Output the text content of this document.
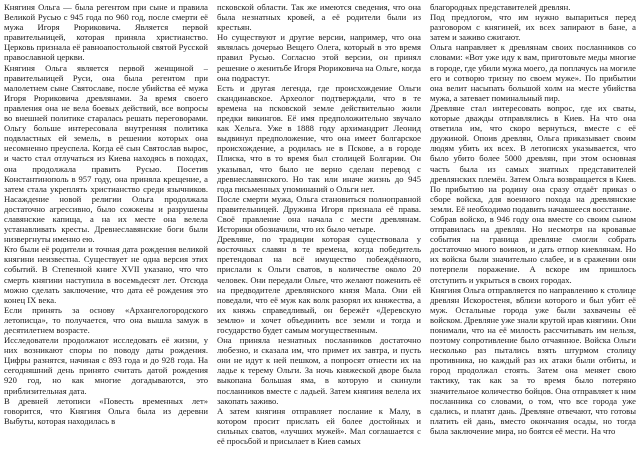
Княгиня Ольга — была регентом при сыне и правила Великой Русью с 945 года по 960 год, после смерти её мужа Игоря Рюриковича. Является первой правительницей, которая приняла христианство. Церковь признала её равноапостольной святой Русской православной церкви.

Княгиня Ольга является первой женщиной – правительницей Руси, она была регентом при малолетнем сыне Святославе, после убийства её мужа Игоря Рюриковича древлянами. За время своего правления она не вела боевых действий, все вопросы во внешней политике старалась решать переговорами. Ольгу больше интересовала внутренняя политика подвластных ей земель, в решении которых она несомненно преуспела. Когда её сын Святослав вырос, и часто стал отлучаться из Киева находясь в походах, она продолжала править Русью. Посетив Константинополь в 957 году, она приняла крещение, а затем стала укреплять христианство среди язычников. Насаждение новой религии Ольга продолжала достаточно агрессивно, было сожжены и разрушены славянские капища, а на их месте она велела устанавливать кресты. Древнеславянские боги были низвергнуты именно ею.

Кто были её родители и точная дата рождения великой княгини неизвестна. Существует не одна версия этих событий. В Степенной книге XVII указано, что что смерть княгини наступила в восемьдесят лет. Отсюда можно сделать заключение, что дата её рождения это конец IX века.

Если принять за основу «Архангелогородского летописца», то получается, что она вышла замуж в десятилетнем возрасте.

Исследователи продолжают исследовать её жизни, у них возникают споры по поводу даты рождения. Цифры разнятся, начиная с 893 года и до 928 года. На сегодняшний день принято считать датой рождения 920 год, но как многие догадываются, это приблизительная дата.

В древней летописи «Повесть временных лет» говорится, что Княгиня Ольга была из деревни Выбуты, которая находилась в

псковской области. Так же имеются сведения, что она была незнатных кровей, а её родители были из крестьян.

Но существуют и другие версии, например, что она являлась дочерью Вещего Олега, который в это время правил Русью. Согласно этой версии, он принял решение о женитьбе Игоря Рюриковича на Ольге, когда она подрастут.

Есть и другая легенда, где происхождение Ольги скандинавское. Археолог подтверждали, что в те времена на псковской земле действительно жили предки викингов. Её имя предположительно звучало как Хельга. Уже в 1888 году архимандрит Леонид выдвинул предположение, что она имеет болгарское происхождение, а родилась не в Пскове, а в городе Плиска, что в то время был столицей Болгарии. Он указывал, что было не верно сделан перевод с древнеславянского. Но так или иначе жизнь до 945 года письменных упоминаний о Ольги нет.

После смерти мужа, Ольга становиться полноправной правительницей. Дружина Игоря признала её права. Своё правление она начала с мести древлянам. Историки обозначили, что их было четыре.

Древляне, по традиции которая существовала у восточных славян в те времена, когда победитель претендовал на всё имущество побеждённого, прислали к Ольги сватов, в количестве около 20 человек. Они передали Ольге, что желают поженить её на предводителе древлянского князя Мала. Они ей поведали, что её муж как волк разорял их княжества, а их княжь справедливый, он бережёт «Деревскую землю» и хочет объединить все земли и тогда и государство будет самым могущественным.

Она приняла незнатных посланников достаточно любезно, и сказала им, что примет их завтра, и пусть они не идут к ней пешком, а попросят отнести их на ладье к терему Ольги. За ночь княжеской дворе была выкопана большая яма, в которую и скинули посланников вместе с ладьей. Затем княгиня велела их закопать заживо.

А затем княгиня отправляет послание к Малу, в котором просит прислать ей более достойных и сильных сватов, «лучших мужей». Мал соглашается с её просьбой и присылает в Киев самых

благородных представителей древлян.

Под предлогом, что им нужно выпариться перед разговором с княгиней, их всех запирают в бане, а затем и заживо сжигают.

Ольга направляет к древлянам своих посланников со словами: «Вот уже иду к вам, приготовьте меды многие в городе, где убили мужа моего, да поплачусь на могиле его и сотворю тризну по своем муже». По прибытии она велит насыпать большой холм на месте убийства мужа, а затевает поминальный пир.

Древляне стал интересовать вопрос, где их сваты, которые дважды отправлялись в Киев. На что она ответила им, что скоро вернуться, вместе с её дружиной. Опоив древлян, Ольга приказывает своим людям убить их всех. В летописях указывается, что было убито более 5000 древлян, при этом основная часть была из самых знатных представителей древлянских племён. Затем Ольга возвращается в Киев. По прибытию на родину она сразу отдаёт приказ о сборе войска, для военного похода на древлянские земли. Её необходимо подавить начавшееся восстание.

Собрав войско, в 946 году она вместе со своим сыном отправилась на древлян. Но несмотря на кровавые события на граница древляне смогли собрать достаточно много воинов, и дать отпор киевлянам. Но их войска были значительно слабее, и в сражении они потерпели поражение. А вскоре им пришлось отступить и укрыться в своих городах.

Княгиня Ольга отправляется по направлению к столице древлян Искоростеня, вблизи которого и был убит её муж. Остальные города уже были захвачены её войском. Древляне уже знали крутой нрав княгини. Они понимали, что на её милость рассчитывать им нельзя, поэтому сопротивление было отчаянное. Войска Ольги несколько раз пытались взять штурмом столицу противника, но каждый раз их атаки были отбиты, и город продолжал стоять. Затем она меняет свою тактику, так как за то время было потеряно значительное количество бойцов. Она отправляет к ним посланника со словами, о том, что все города уже сдались, и платят дань. Древляне отвечают, что готовы платить ей дань, вместо окончания осады, но тогда была заключение мира, но боятся её мести. На что
